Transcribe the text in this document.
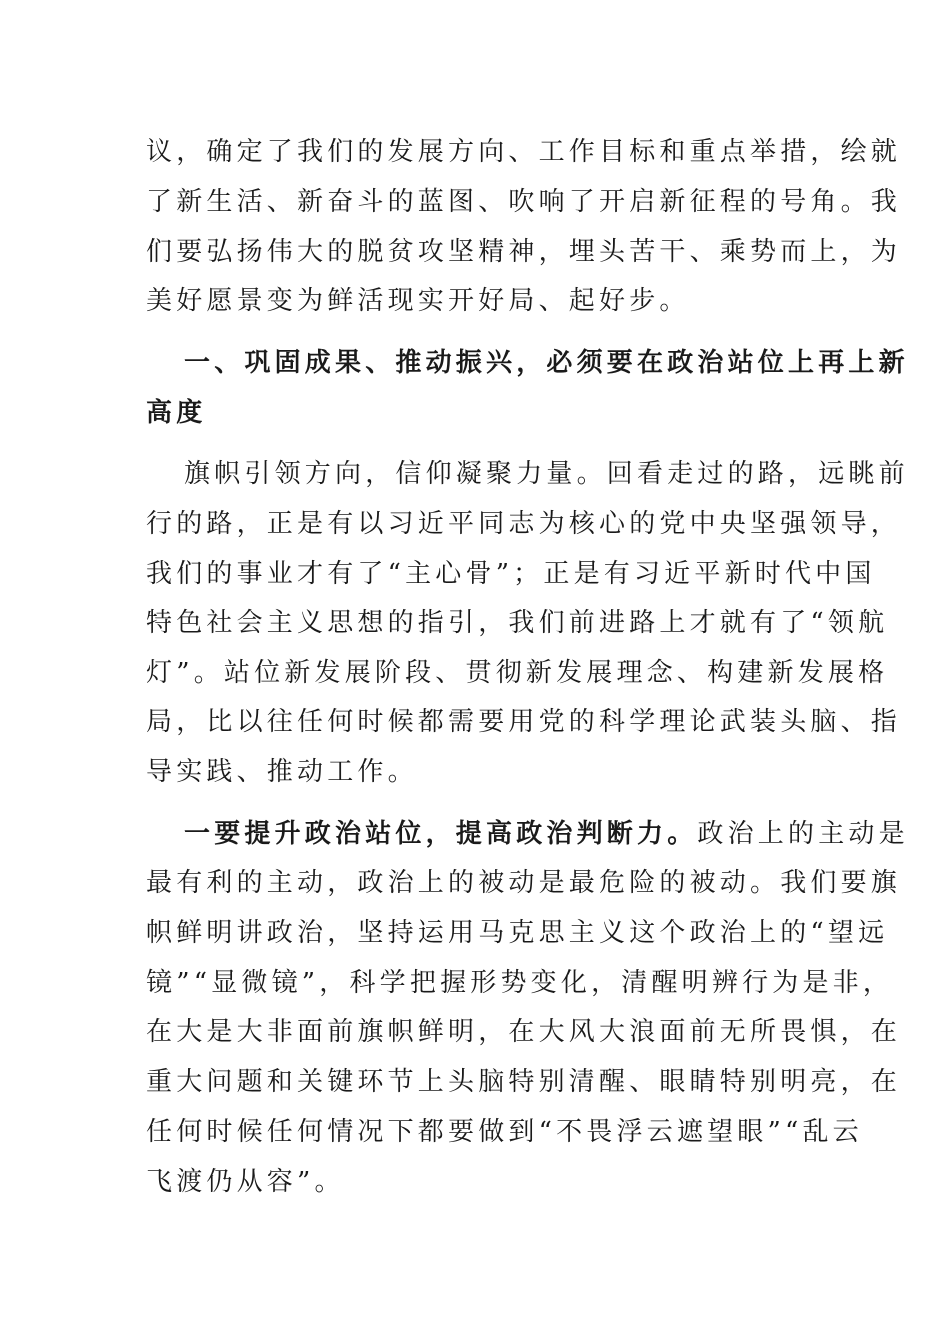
议，确定了我们的发展方向、工作目标和重点举措，绘就
了新生活、新奋斗的蓝图、吹响了开启新征程的号角。我
们要弘扬伟大的脱贫攻坚精神，埋头苦干、乘势而上，为
美好愿景变为鲜活现实开好局、起好步。
一、巩固成果、推动振兴，必须要在政治站位上再上新
高度
旗帜引领方向，信仰凝聚力量。回看走过的路，远眺前
行的路，正是有以习近平同志为核心的党中央坚强领导，
我们的事业才有了“主心骨”；正是有习近平新时代中国
特色社会主义思想的指引，我们前进路上才就有了“领航
灯”。站位新发展阶段、贯彻新发展理念、构建新发展格
局，比以往任何时候都需要用党的科学理论武装头脑、指
导实践、推动工作。
一要提升政治站位，提高政治判断力。政治上的主动是
最有利的主动，政治上的被动是最危险的被动。我们要旗
帜鲜明讲政治，坚持运用马克思主义这个政治上的“望远
镜”“显微镜”，科学把握形势变化，清醒明辨行为是非，
在大是大非面前旗帜鲜明，在大风大浪面前无所畏惧，在
重大问题和关键环节上头脑特别清醒、眼睛特别明亮，在
任何时候任何情况下都要做到“不畏浮云遮望眼”“乱云
飞渡仍从容”。
